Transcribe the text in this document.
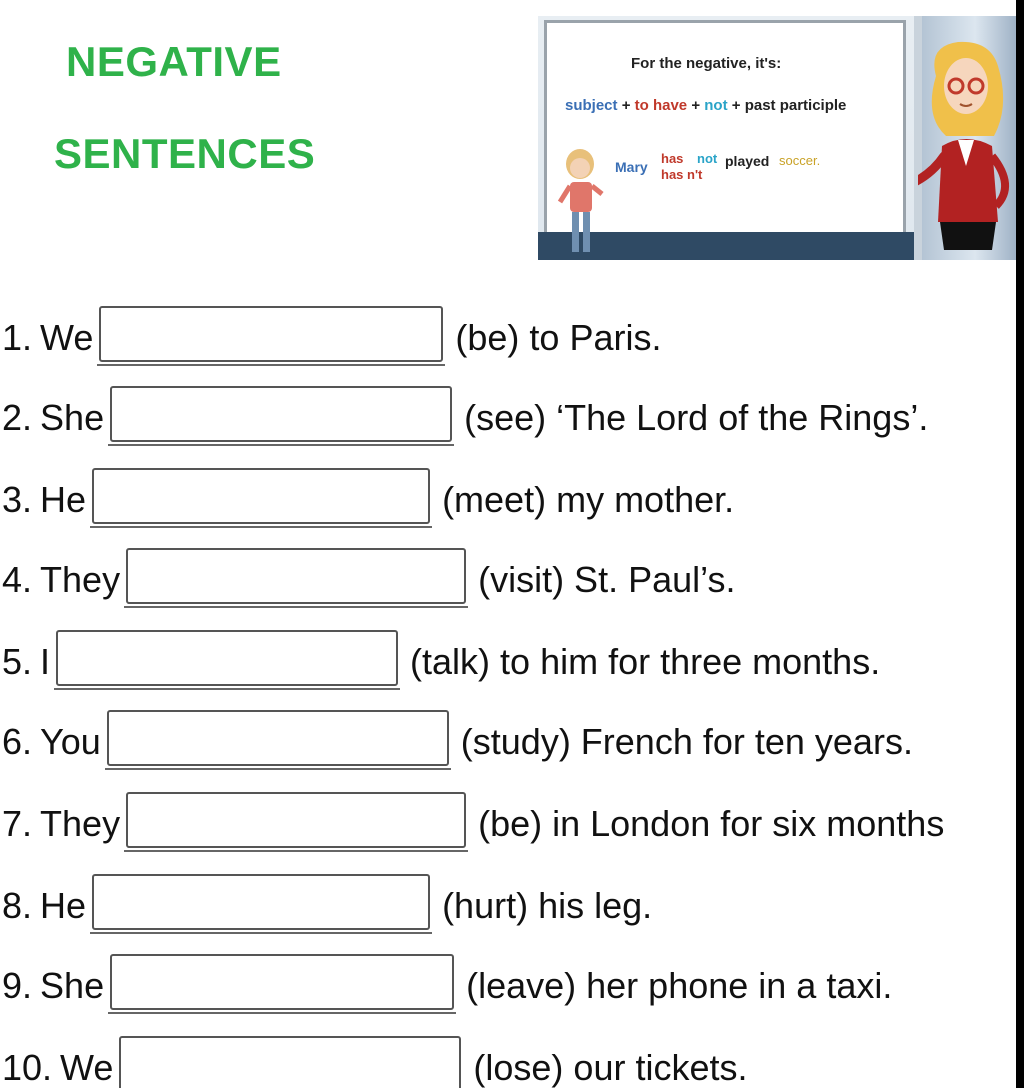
NEGATIVE
SENTENCES
For the negative, it's:
subject + to have + not + past participle
Mary
has
has n't
not played soccer.
1. We	(be) to Paris.
2. She	(see) ‘The Lord of the Rings’.
3. He	(meet) my mother.
4. They	(visit) St. Paul’s.
5. I	(talk) to him for three months.
6. You	(study) French for ten years.
7. They	(be) in London for six months
8. He	(hurt) his leg.
9. She	(leave) her phone in a taxi.
10. We	(lose) our tickets.
